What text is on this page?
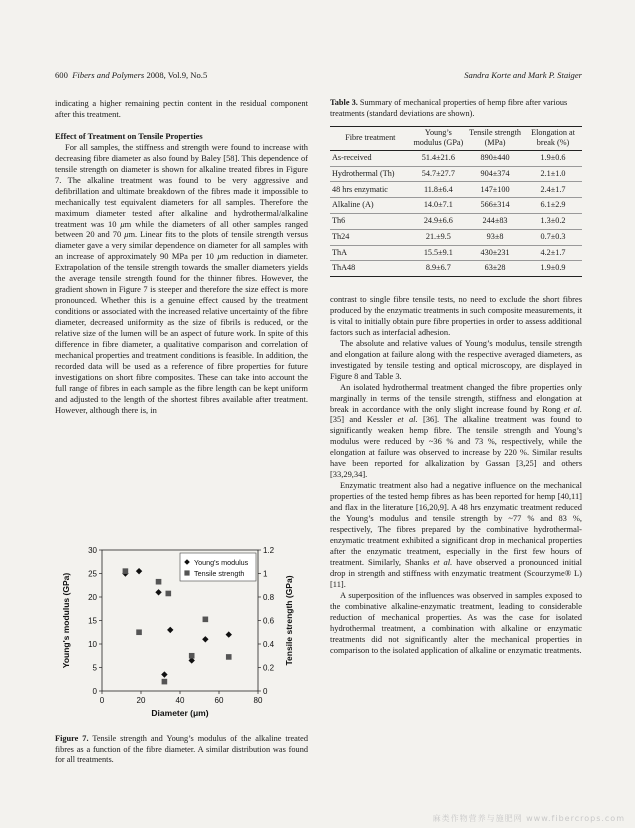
600 Fibers and Polymers 2008, Vol.9, No.5	Sandra Korte and Mark P. Staiger

indicating a higher remaining pectin content in the residual component after this treatment.

Effect of Treatment on Tensile Properties

For all samples, the stiffness and strength were found to increase with decreasing fibre diameter as also found by Baley [58]. This dependence of tensile strength on diameter is shown for alkaline treated fibres in Figure 7. The alkaline treatment was found to be very aggressive and defibrillation and ultimate breakdown of the fibres made it impossible to mechanically test equivalent diameters for all samples. Therefore the maximum diameter tested after alkaline and hydrothermal/alkaline treatment was 10 μm while the diameters of all other samples ranged between 20 and 70 μm. Linear fits to the plots of tensile strength versus diameter gave a very similar dependence on diameter for all samples with an increase of approximately 90 MPa per 10 μm reduction in diameter. Extrapolation of the tensile strength towards the smaller diameters yields the average tensile strength found for the thinner fibres. However, the gradient shown in Figure 7 is steeper and therefore the size effect is more pronounced. Whether this is a genuine effect caused by the treatment conditions or associated with the increased relative uncertainty of the fibre diameter, decreased uniformity as the size of fibrils is reduced, or the relative size of the lumen will be an aspect of future work. In spite of this difference in fibre diameter, a qualitative comparison and correlation of mechanical properties and treatment conditions is feasible. In addition, the recorded data will be used as a reference of fibre properties for future investigations on short fibre composites. These can take into account the full range of fibres in each sample as the fibre length can be kept uniform and adjusted to the length of the shortest fibres available after treatment. However, although there is, in

Table 3. Summary of mechanical properties of hemp fibre after various treatments (standard deviations are shown).
Fibre treatment	Young’s modulus (GPa)	Tensile strength (MPa)	Elongation at break (%)
As-received	51.4±21.6	890±440	1.9±0.6
Hydrothermal (Th)	54.7±27.7	904±374	2.1±1.0
48 hrs enzymatic	11.8±6.4	147±100	2.4±1.7
Alkaline (A)	14.0±7.1	566±314	6.1±2.9
Th6	24.9±6.6	244±83	1.3±0.2
Th24	21.±9.5	93±8	0.7±0.3
ThA	15.5±9.1	430±231	4.2±1.7
ThA48	8.9±6.7	63±28	1.9±0.9

contrast to single fibre tensile tests, no need to exclude the short fibres produced by the enzymatic treatments in such composite measurements, it is vital to initially obtain pure fibre properties in order to assess additional factors such as interfacial adhesion.

The absolute and relative values of Young’s modulus, tensile strength and elongation at failure along with the respective averaged diameters, as investigated by tensile testing and optical microscopy, are displayed in Figure 8 and Table 3.

An isolated hydrothermal treatment changed the fibre properties only marginally in terms of the tensile strength, stiffness and elongation at break in accordance with the only slight increase found by Rong et al. [35] and Kessler et al. [36]. The alkaline treatment was found to significantly weaken hemp fibre. The tensile strength and Young’s modulus were reduced by ~36 % and 73 %, respectively, while the elongation at failure was observed to increase by 220 %. Similar results have been reported for alkalization by Gassan [3,25] and others [33,29,34].

Enzymatic treatment also had a negative influence on the mechanical properties of the tested hemp fibres as has been reported for hemp [40,11] and flax in the literature [16,20,9]. A 48 hrs enzymatic treatment reduced the Young’s modulus and tensile strength by ~77 % and 83 %, respectively, The fibres prepared by the combinative hydrothermal-enzymatic treatment exhibited a significant drop in mechanical properties after the enzymatic treatment, especially in the first few hours of treatment. Similarly, Shanks et al. have observed a pronounced initial drop in strength and stiffness with enzymatic treatment (Scourzyme® L) [11].

A superposition of the influences was observed in samples exposed to the combinative alkaline-enzymatic treatment, leading to considerable reduction of mechanical properties. As was the case for isolated hydrothermal treatment, a combination with alkaline or enzymatic treatments did not significantly alter the mechanical properties in comparison to the isolated application of alkaline or enzymatic treatments.

0	20	40	60	80
0
5
10
15
20
25
30
0
0.2
0.4
0.6
0.8
1
1.2
Diameter (μm)
Young's modulus (GPa)	Tensile strength (GPa)
Young's modulus
Tensile strength
Figure 7. Tensile strength and Young’s modulus of the alkaline treated fibres as a function of the fibre diameter. A similar distribution was found for all treatments.
麻类作物营养与施肥网 www.fibercrops.com
